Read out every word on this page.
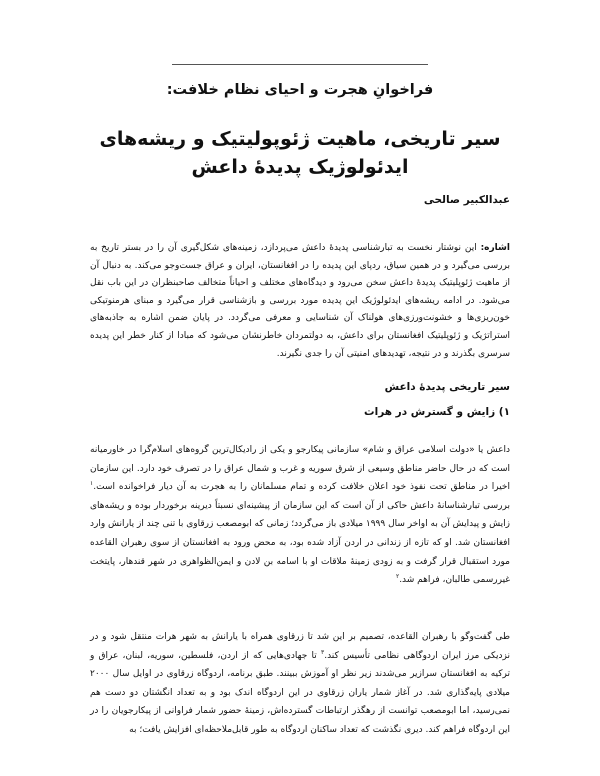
فراخوانِ هجرت و احیای نظام خلافت:
سیر تاریخی، ماهیت ژئوپولیتیک و ریشه‌های
ایدئولوژیک پدیدۀ داعش
عبدالکبیر صالحی
اشاره: این نوشتار نخست به تبارشناسی پدیدۀ داعش می‌پردازد، زمینه‌های شکل‌گیری آن را در بستر تاریخ به بررسی می‌گیرد و در همین سیاق، ردپای این پدیده را در افغانستان، ایران و عراق جست‌وجو می‌کند. به دنبال آن از ماهیت ژئوپلیتیک پدیدۀ داعش سخن می‌رود و دیدگاه‌های مختلف و احیاناً متخالف صاحبنظران در این باب نقل می‌شود. در ادامه ریشه‌های ایدئولوژیک این پدیده مورد بررسی و بازشناسی قرار می‌گیرد و مبنای هرمنوتیکی خون‌ریزی‌ها و خشونت‌ورزی‌های هولناک آن شناسایی و معرفی می‌گردد. در پایان ضمن اشاره به جاذبه‌های استراتژیک و ژئوپلیتیک افغانستان برای داعش، به دولتمردان خاطرنشان می‌شود که مبادا از کنار خطر این پدیده سرسری بگذرند و در نتیجه، تهدیدهای امنیتی آن را جدی نگیرند.
سیر تاریخی پدیدۀ داعش
۱) زایش و گسترش در هرات
داعش یا «دولت اسلامی عراق و شام» سازمانی پیکارجو و یکی از رادیکال‌ترین گروه‌های اسلام‌گرا در خاورمیانه است که در حال حاضر مناطق وسیعی از شرق سوریه و غرب و شمال عراق را در تصرف خود دارد. این سازمان اخیرا در مناطق تحت نفوذ خود اعلان خلافت کرده و تمام مسلمانان را به هجرت به آن دیار فراخوانده است.$^۱$ بررسی تبارشناسانۀ داعش حاکی از آن است که این سازمان از پیشینه‌ای نسبتاً دیرینه برخوردار بوده و ریشه‌های زایش و پیدایش آن به اواخر سال ۱۹۹۹ میلادی باز می‌گردد؛ زمانی که ابومصعب زرقاوی با تنی چند از یارانش وارد افغانستان شد. او که تازه از زندانی در اردن آزاد شده بود، به محض ورود به افغانستان از سوی رهبران القاعده مورد استقبال قرار گرفت و به زودی زمینۀ ملاقات او با اسامه بن لادن و ایمن‌الظواهری در شهر قندهار، پایتخت غیررسمی طالبان، فراهم شد.$^۲$
طی گفت‌وگو با رهبران القاعده، تصمیم بر این شد تا زرقاوی همراه با یارانش به شهر هرات منتقل شود و در نزدیکی مرز ایران اردوگاهی نظامی تأسیس کند.$^۳$ تا جهادی‌هایی که از اردن، فلسطین، سوریه، لبنان، عراق و ترکیه به افغانستان سرازیر می‌شدند زیر نظر او آموزش ببینند. طبق برنامه، اردوگاه زرقاوی در اوایل سال ۲۰۰۰ میلادی پایه‌گذاری شد. در آغاز شمار یاران زرقاوی در این اردوگاه اندک بود و به تعداد انگشتان دو دست هم نمی‌رسید، اما ابومصعب توانست از رهگذر ارتباطات گسترده‌اش، زمینۀ حضور شمار فراوانی از پیکارجویان را در این اردوگاه فراهم کند. دیری نگذشت که تعداد ساکنان اردوگاه به طور قابل‌ملاحظه‌ای افزایش یافت؛ به
